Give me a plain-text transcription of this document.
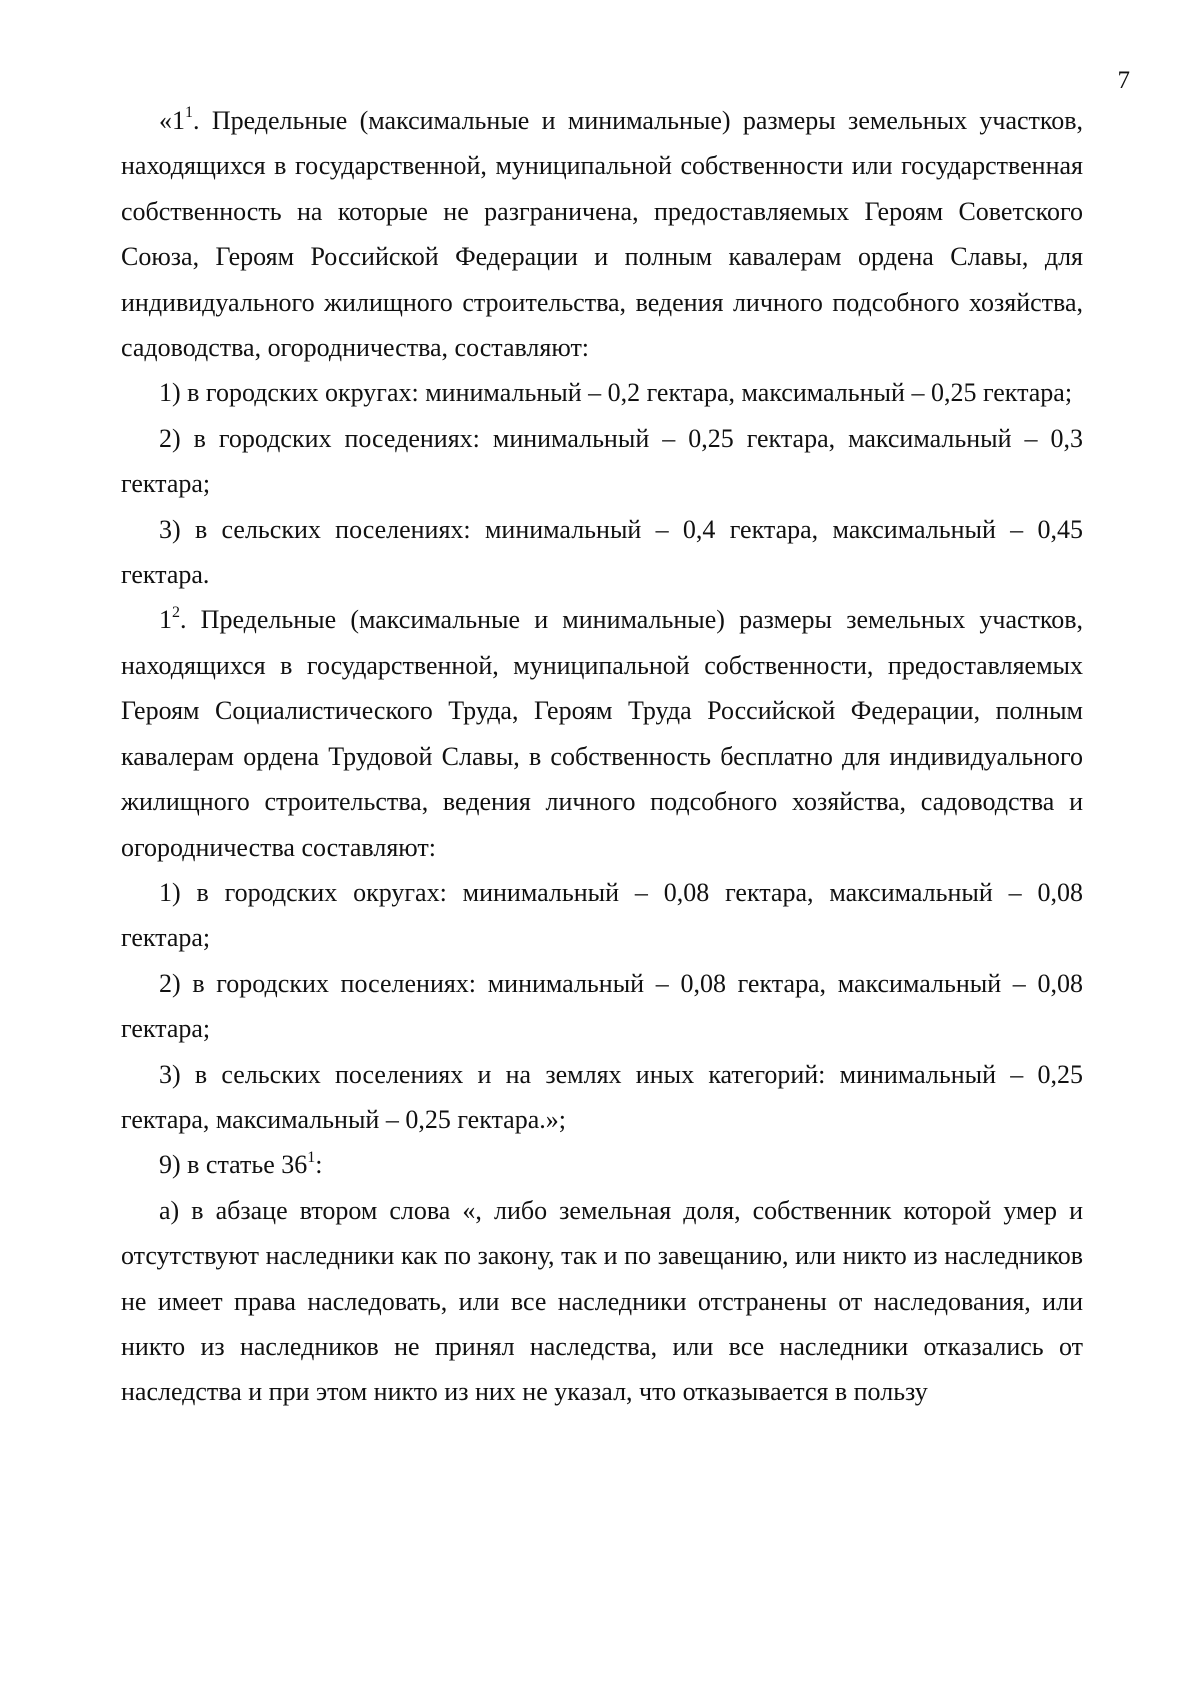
7

«$1^1$. Предельные (максимальные и минимальные) размеры земельных участков, находящихся в государственной, муниципальной собственности или государственная собственность на которые не разграничена, предоставляемых Героям Советского Союза, Героям Российской Федерации и полным кавалерам ордена Славы, для индивидуального жилищного строительства, ведения личного подсобного хозяйства, садоводства, огородничества, составляют:

1) в городских округах: минимальный – 0,2 гектара, максимальный – 0,25 гектара;

2) в городских поседениях: минимальный – 0,25 гектара, максимальный – 0,3 гектара;

3) в сельских поселениях: минимальный – 0,4 гектара, максимальный – 0,45 гектара.

$1^2$. Предельные (максимальные и минимальные) размеры земельных участков, находящихся в государственной, муниципальной собственности, предоставляемых Героям Социалистического Труда, Героям Труда Российской Федерации, полным кавалерам ордена Трудовой Славы, в собственность бесплатно для индивидуального жилищного строительства, ведения личного подсобного хозяйства, садоводства и огородничества составляют:

1) в городских округах: минимальный – 0,08 гектара, максимальный – 0,08 гектара;

2) в городских поселениях: минимальный – 0,08 гектара, максимальный – 0,08 гектара;

3) в сельских поселениях и на землях иных категорий: минимальный – 0,25 гектара, максимальный – 0,25 гектара.»;

9) в статье $36^1$:

а) в абзаце втором слова «, либо земельная доля, собственник которой умер и отсутствуют наследники как по закону, так и по завещанию, или никто из наследников не имеет права наследовать, или все наследники отстранены от наследования, или никто из наследников не принял наследства, или все наследники отказались от наследства и при этом никто из них не указал, что отказывается в пользу
